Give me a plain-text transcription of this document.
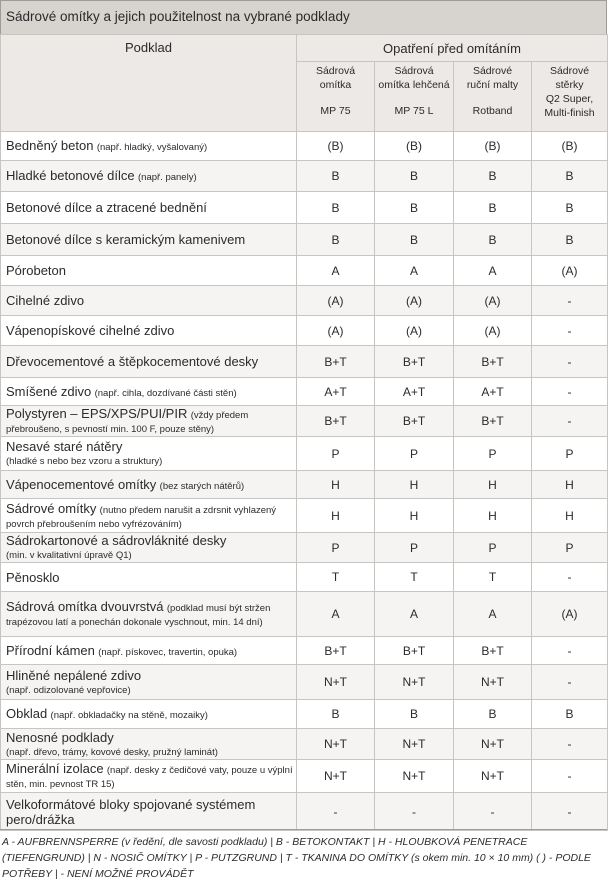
Sádrové omítky a jejich použitelnost na vybrané podklady
Podklad	Opatření před omítáním			

	Sádrová
omítka
MP 75	Sádrová
omítka lehčená
MP 75 L	Sádrové
ruční malty
Rotband	Sádrové
stěrky
Q2 Super,
Multi-finish

Bedněný beton (např. hladký, vyšalovaný)	(B)	(B)	(B)	(B)
Hladké betonové dílce (např. panely)	B	B	B	B
Betonové dílce a ztracené bednění	B	B	B	B
Betonové dílce s keramickým kamenivem	B	B	B	B
Pórobeton	A	A	A	(A)
Cihelné zdivo	(A)	(A)	(A)	-
Vápenopískové cihelné zdivo	(A)	(A)	(A)	-
Dřevocementové a štěpkocementové desky	B+T	B+T	B+T	-
Smíšené zdivo (např. cihla, dozdívané části stěn)	A+T	A+T	A+T	-
Polystyren – EPS/XPS/PUI/PIR (vždy předem přebroušeno, s pevností min. 100 F, pouze stěny)	B+T	B+T	B+T	-
Nesavé staré nátěry
(hladké s nebo bez vzoru a struktury)	P	P	P	P
Vápenocementové omítky (bez starých nátěrů)	H	H	H	H
Sádrové omítky (nutno předem narušit a zdrsnit vyhlazený povrch přebroušením nebo vyfrézováním)	H	H	H	H
Sádrokartonové a sádrovláknité desky
(min. v kvalitativní úpravě Q1)	P	P	P	P
Pěnosklo	T	T	T	-
Sádrová omítka dvouvrstvá (podklad musí být stržen trapézovou latí a ponechán dokonale vyschnout, min. 14 dní)	A	A	A	(A)
Přírodní kámen (např. pískovec, travertin, opuka)	B+T	B+T	B+T	-
Hliněné nepálené zdivo
(např. odizolované vepřovice)	N+T	N+T	N+T	-
Obklad (např. obkladačky na stěně, mozaiky)	B	B	B	B
Nenosné podklady
(např. dřevo, trámy, kovové desky, pružný laminát)	N+T	N+T	N+T	-
Minerální izolace (např. desky z čedičové vaty, pouze u výplní stěn, min. pevnost TR 15)	N+T	N+T	N+T	-
Velkoformátové bloky spojované systémem pero/drážka	-	-	-	-
A - AUFBRENNSPERRE (v ředění, dle savosti podkladu) | B - BETOKONTAKT | H - HLOUBKOVÁ PENETRACE (TIEFENGRUND) | N - NOSIČ OMÍTKY | P - PUTZGRUND | T - TKANINA DO OMÍTKY (s okem min. 10 × 10 mm) ( ) - PODLE POTŘEBY | - NENÍ MOŽNÉ PROVÁDĚT
